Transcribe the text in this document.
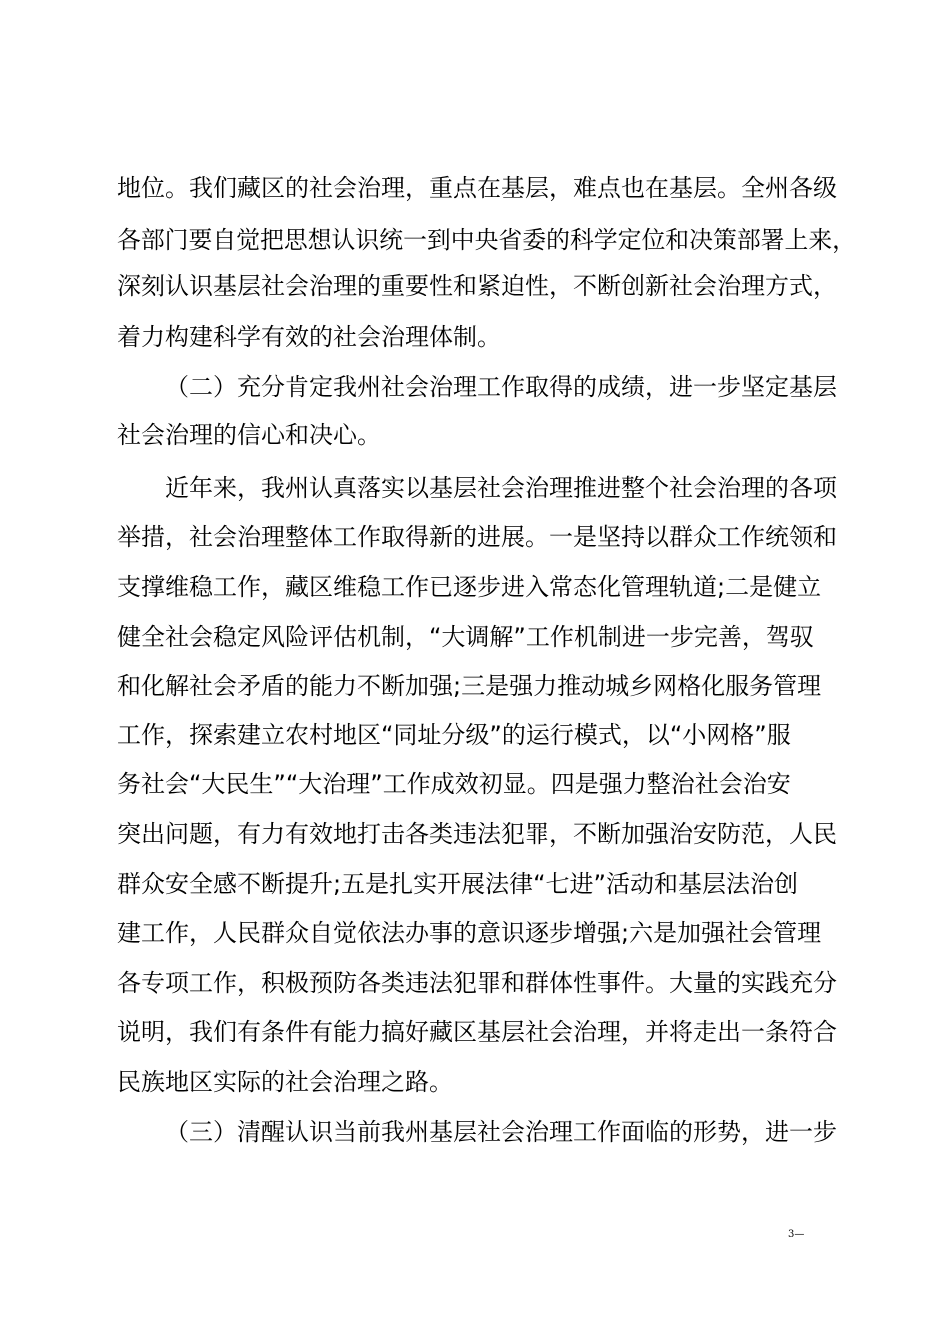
地位。我们藏区的社会治理，重点在基层，难点也在基层。全州各级
各部门要自觉把思想认识统一到中央省委的科学定位和决策部署上来，
深刻认识基层社会治理的重要性和紧迫性，不断创新社会治理方式，
着力构建科学有效的社会治理体制。
（二）充分肯定我州社会治理工作取得的成绩，进一步坚定基层
社会治理的信心和决心。
近年来，我州认真落实以基层社会治理推进整个社会治理的各项
举措，社会治理整体工作取得新的进展。一是坚持以群众工作统领和
支撑维稳工作，藏区维稳工作已逐步进入常态化管理轨道;二是健立
健全社会稳定风险评估机制，“大调解”工作机制进一步完善，驾驭
和化解社会矛盾的能力不断加强;三是强力推动城乡网格化服务管理
工作，探索建立农村地区“同址分级”的运行模式，以“小网格”服
务社会“大民生”“大治理”工作成效初显。四是强力整治社会治安
突出问题，有力有效地打击各类违法犯罪，不断加强治安防范，人民
群众安全感不断提升;五是扎实开展法律“七进”活动和基层法治创
建工作，人民群众自觉依法办事的意识逐步增强;六是加强社会管理
各专项工作，积极预防各类违法犯罪和群体性事件。大量的实践充分
说明，我们有条件有能力搞好藏区基层社会治理，并将走出一条符合
民族地区实际的社会治理之路。
（三）清醒认识当前我州基层社会治理工作面临的形势，进一步
3—
